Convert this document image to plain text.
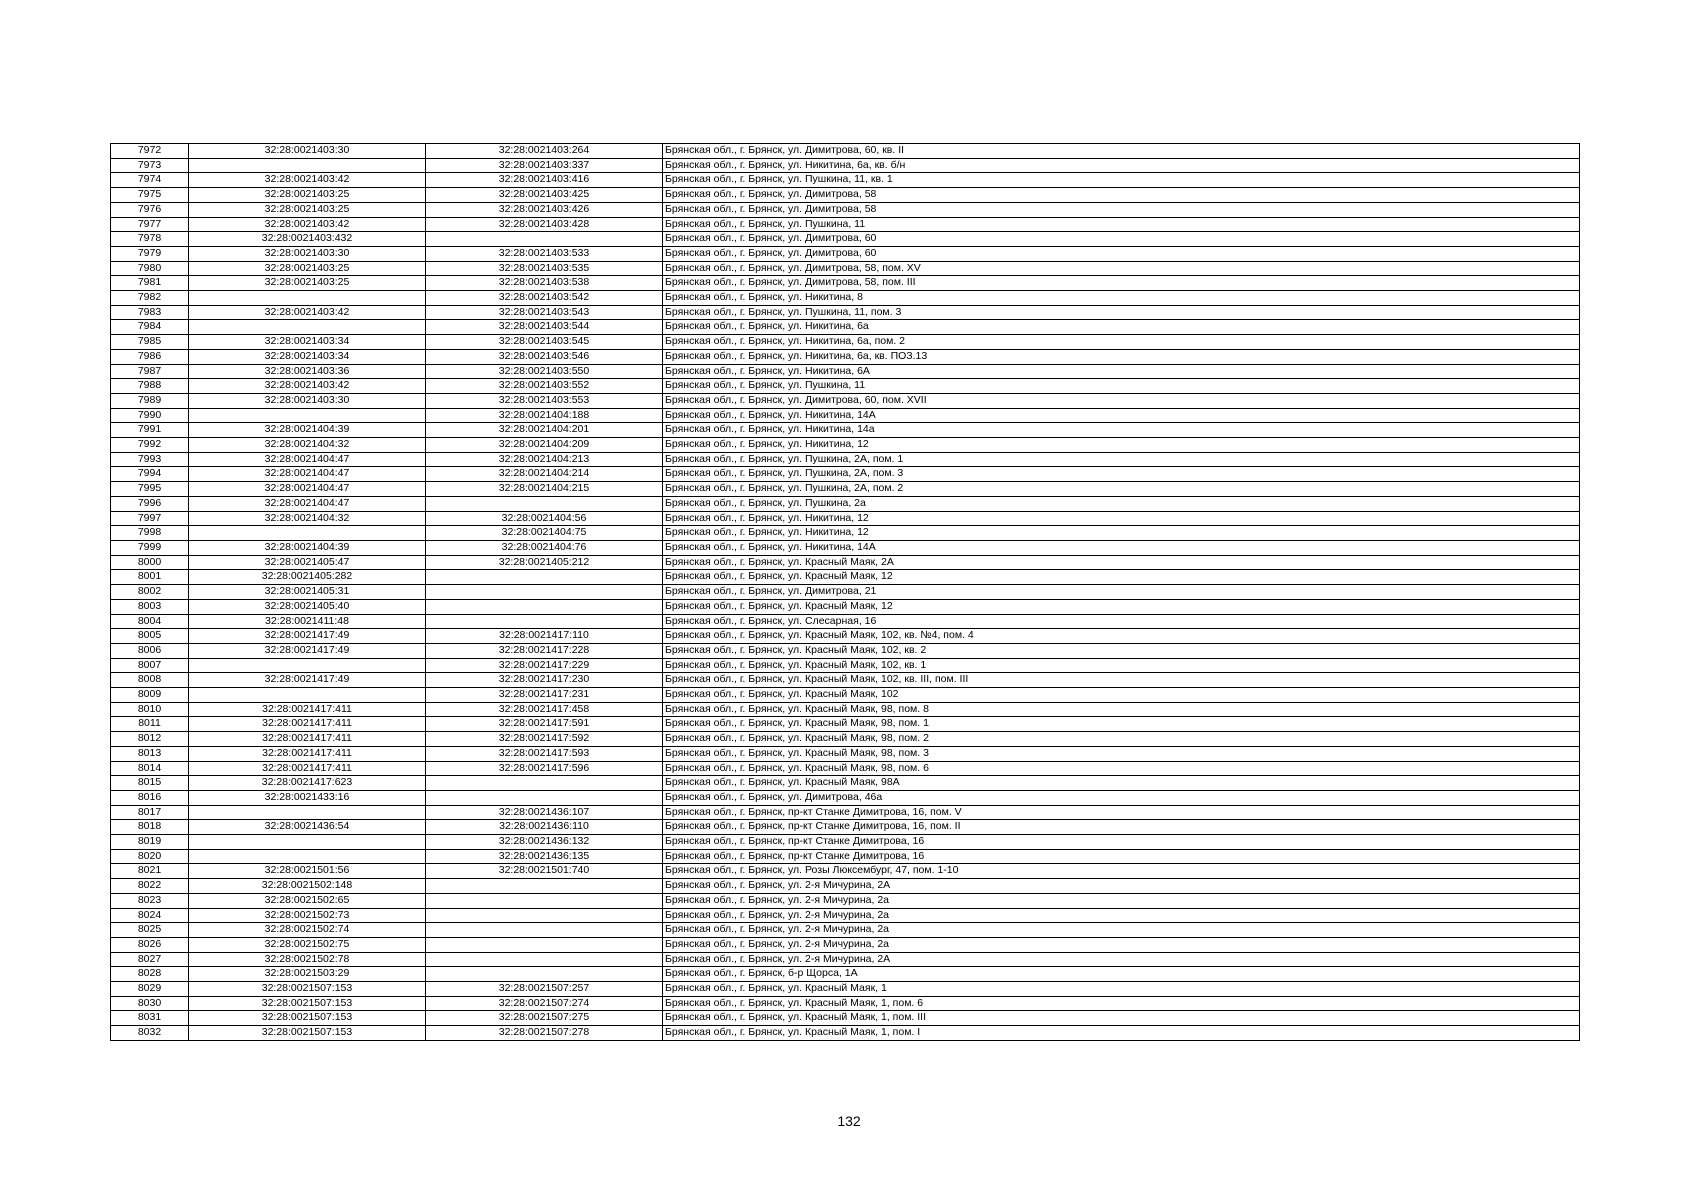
7972	32:28:0021403:30	32:28:0021403:264	Брянская обл., г. Брянск, ул. Димитрова, 60, кв. II
7973		32:28:0021403:337	Брянская обл., г. Брянск, ул. Никитина, 6а, кв. б/н
7974	32:28:0021403:42	32:28:0021403:416	Брянская обл., г. Брянск, ул. Пушкина, 11, кв. 1
7975	32:28:0021403:25	32:28:0021403:425	Брянская обл., г. Брянск, ул. Димитрова, 58
7976	32:28:0021403:25	32:28:0021403:426	Брянская обл., г. Брянск, ул. Димитрова, 58
7977	32:28:0021403:42	32:28:0021403:428	Брянская обл., г. Брянск, ул. Пушкина, 11
7978	32:28:0021403:432		Брянская обл., г. Брянск, ул. Димитрова, 60
7979	32:28:0021403:30	32:28:0021403:533	Брянская обл., г. Брянск, ул. Димитрова, 60
7980	32:28:0021403:25	32:28:0021403:535	Брянская обл., г. Брянск, ул. Димитрова, 58, пом. XV
7981	32:28:0021403:25	32:28:0021403:538	Брянская обл., г. Брянск, ул. Димитрова, 58, пом. III
7982		32:28:0021403:542	Брянская обл., г. Брянск, ул. Никитина, 8
7983	32:28:0021403:42	32:28:0021403:543	Брянская обл., г. Брянск, ул. Пушкина, 11, пом. 3
7984		32:28:0021403:544	Брянская обл., г. Брянск, ул. Никитина, 6а
7985	32:28:0021403:34	32:28:0021403:545	Брянская обл., г. Брянск, ул. Никитина, 6а, пом. 2
7986	32:28:0021403:34	32:28:0021403:546	Брянская обл., г. Брянск, ул. Никитина, 6а, кв. ПОЗ.13
7987	32:28:0021403:36	32:28:0021403:550	Брянская обл., г. Брянск, ул. Никитина, 6А
7988	32:28:0021403:42	32:28:0021403:552	Брянская обл., г. Брянск, ул. Пушкина, 11
7989	32:28:0021403:30	32:28:0021403:553	Брянская обл., г. Брянск, ул. Димитрова, 60, пом. XVII
7990		32:28:0021404:188	Брянская обл., г. Брянск, ул. Никитина, 14А
7991	32:28:0021404:39	32:28:0021404:201	Брянская обл., г. Брянск, ул. Никитина, 14а
7992	32:28:0021404:32	32:28:0021404:209	Брянская обл., г. Брянск, ул. Никитина, 12
7993	32:28:0021404:47	32:28:0021404:213	Брянская обл., г. Брянск, ул. Пушкина, 2А, пом. 1
7994	32:28:0021404:47	32:28:0021404:214	Брянская обл., г. Брянск, ул. Пушкина, 2А, пом. 3
7995	32:28:0021404:47	32:28:0021404:215	Брянская обл., г. Брянск, ул. Пушкина, 2А, пом. 2
7996	32:28:0021404:47		Брянская обл., г. Брянск, ул. Пушкина, 2а
7997	32:28:0021404:32	32:28:0021404:56	Брянская обл., г. Брянск, ул. Никитина, 12
7998		32:28:0021404:75	Брянская обл., г. Брянск, ул. Никитина, 12
7999	32:28:0021404:39	32:28:0021404:76	Брянская обл., г. Брянск, ул. Никитина, 14А
8000	32:28:0021405:47	32:28:0021405:212	Брянская обл., г. Брянск, ул. Красный Маяк, 2А
8001	32:28:0021405:282		Брянская обл., г. Брянск, ул. Красный Маяк, 12
8002	32:28:0021405:31		Брянская обл., г. Брянск, ул. Димитрова, 21
8003	32:28:0021405:40		Брянская обл., г. Брянск, ул. Красный Маяк, 12
8004	32:28:0021411:48		Брянская обл., г. Брянск, ул. Слесарная, 16
8005	32:28:0021417:49	32:28:0021417:110	Брянская обл., г. Брянск, ул. Красный Маяк, 102, кв. №4, пом. 4
8006	32:28:0021417:49	32:28:0021417:228	Брянская обл., г. Брянск, ул. Красный Маяк, 102, кв. 2
8007		32:28:0021417:229	Брянская обл., г. Брянск, ул. Красный Маяк, 102, кв. 1
8008	32:28:0021417:49	32:28:0021417:230	Брянская обл., г. Брянск, ул. Красный Маяк, 102, кв. III, пом. III
8009		32:28:0021417:231	Брянская обл., г. Брянск, ул. Красный Маяк, 102
8010	32:28:0021417:411	32:28:0021417:458	Брянская обл., г. Брянск, ул. Красный Маяк, 98, пом. 8
8011	32:28:0021417:411	32:28:0021417:591	Брянская обл., г. Брянск, ул. Красный Маяк, 98, пом. 1
8012	32:28:0021417:411	32:28:0021417:592	Брянская обл., г. Брянск, ул. Красный Маяк, 98, пом. 2
8013	32:28:0021417:411	32:28:0021417:593	Брянская обл., г. Брянск, ул. Красный Маяк, 98, пом. 3
8014	32:28:0021417:411	32:28:0021417:596	Брянская обл., г. Брянск, ул. Красный Маяк, 98, пом. 6
8015	32:28:0021417:623		Брянская обл., г. Брянск, ул. Красный Маяк, 98А
8016	32:28:0021433:16		Брянская обл., г. Брянск, ул. Димитрова, 46а
8017		32:28:0021436:107	Брянская обл., г. Брянск, пр-кт Станке Димитрова, 16, пом. V
8018	32:28:0021436:54	32:28:0021436:110	Брянская обл., г. Брянск, пр-кт Станке Димитрова, 16, пом. II
8019		32:28:0021436:132	Брянская обл., г. Брянск, пр-кт Станке Димитрова, 16
8020		32:28:0021436:135	Брянская обл., г. Брянск, пр-кт Станке Димитрова, 16
8021	32:28:0021501:56	32:28:0021501:740	Брянская обл., г. Брянск, ул. Розы Люксембург, 47, пом. 1-10
8022	32:28:0021502:148		Брянская обл., г. Брянск, ул. 2-я Мичурина, 2А
8023	32:28:0021502:65		Брянская обл., г. Брянск, ул. 2-я Мичурина, 2а
8024	32:28:0021502:73		Брянская обл., г. Брянск, ул. 2-я Мичурина, 2а
8025	32:28:0021502:74		Брянская обл., г. Брянск, ул. 2-я Мичурина, 2а
8026	32:28:0021502:75		Брянская обл., г. Брянск, ул. 2-я Мичурина, 2а
8027	32:28:0021502:78		Брянская обл., г. Брянск, ул. 2-я Мичурина, 2А
8028	32:28:0021503:29		Брянская обл., г. Брянск, б-р Щорса, 1А
8029	32:28:0021507:153	32:28:0021507:257	Брянская обл., г. Брянск, ул. Красный Маяк, 1
8030	32:28:0021507:153	32:28:0021507:274	Брянская обл., г. Брянск, ул. Красный Маяк, 1, пом. 6
8031	32:28:0021507:153	32:28:0021507:275	Брянская обл., г. Брянск, ул. Красный Маяк, 1, пом. III
8032	32:28:0021507:153	32:28:0021507:278	Брянская обл., г. Брянск, ул. Красный Маяк, 1, пом. I
132
